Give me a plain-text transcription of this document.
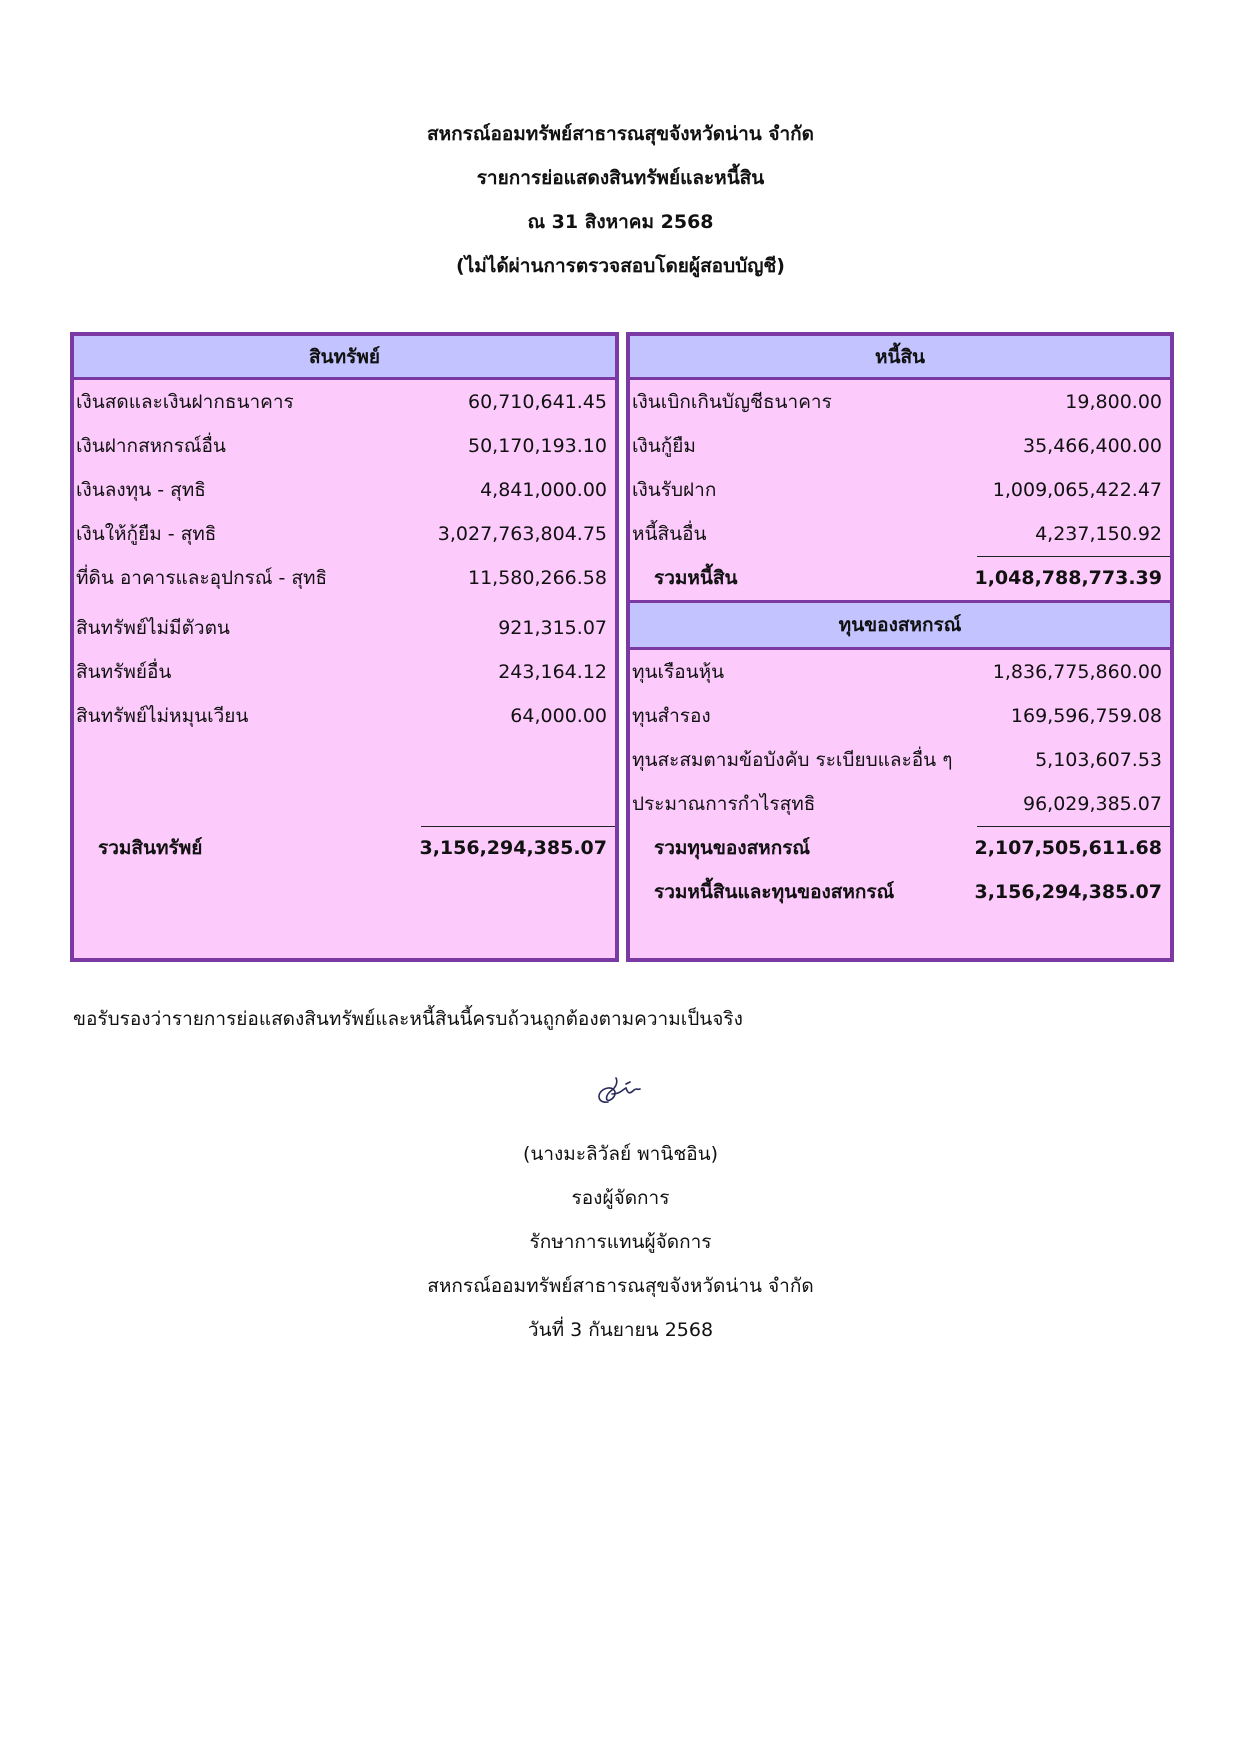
สหกรณ์ออมทรัพย์สาธารณสุขจังหวัดน่าน จำกัด
รายการย่อแสดงสินทรัพย์และหนี้สิน
ณ 31 สิงหาคม 2568
(ไม่ได้ผ่านการตรวจสอบโดยผู้สอบบัญชี)
สินทรัพย์
เงินสดและเงินฝากธนาคาร	60,710,641.45
เงินฝากสหกรณ์อื่น	50,170,193.10
เงินลงทุน - สุทธิ	4,841,000.00
เงินให้กู้ยืม - สุทธิ	3,027,763,804.75
ที่ดิน อาคารและอุปกรณ์ - สุทธิ	11,580,266.58
สินทรัพย์ไม่มีตัวตน	921,315.07
สินทรัพย์อื่น	243,164.12
สินทรัพย์ไม่หมุนเวียน	64,000.00
รวมสินทรัพย์	3,156,294,385.07
หนี้สิน
เงินเบิกเกินบัญชีธนาคาร	19,800.00
เงินกู้ยืม	35,466,400.00
เงินรับฝาก	1,009,065,422.47
หนี้สินอื่น	4,237,150.92
รวมหนี้สิน	1,048,788,773.39
ทุนของสหกรณ์
ทุนเรือนหุ้น	1,836,775,860.00
ทุนสำรอง	169,596,759.08
ทุนสะสมตามข้อบังคับ ระเบียบและอื่น ๆ	5,103,607.53
ประมาณการกำไรสุทธิ	96,029,385.07
รวมทุนของสหกรณ์	2,107,505,611.68
รวมหนี้สินและทุนของสหกรณ์	3,156,294,385.07
ขอรับรองว่ารายการย่อแสดงสินทรัพย์และหนี้สินนี้ครบถ้วนถูกต้องตามความเป็นจริง
(นางมะลิวัลย์ พานิชอิน)
รองผู้จัดการ
รักษาการแทนผู้จัดการ
สหกรณ์ออมทรัพย์สาธารณสุขจังหวัดน่าน จำกัด
วันที่ 3 กันยายน 2568
